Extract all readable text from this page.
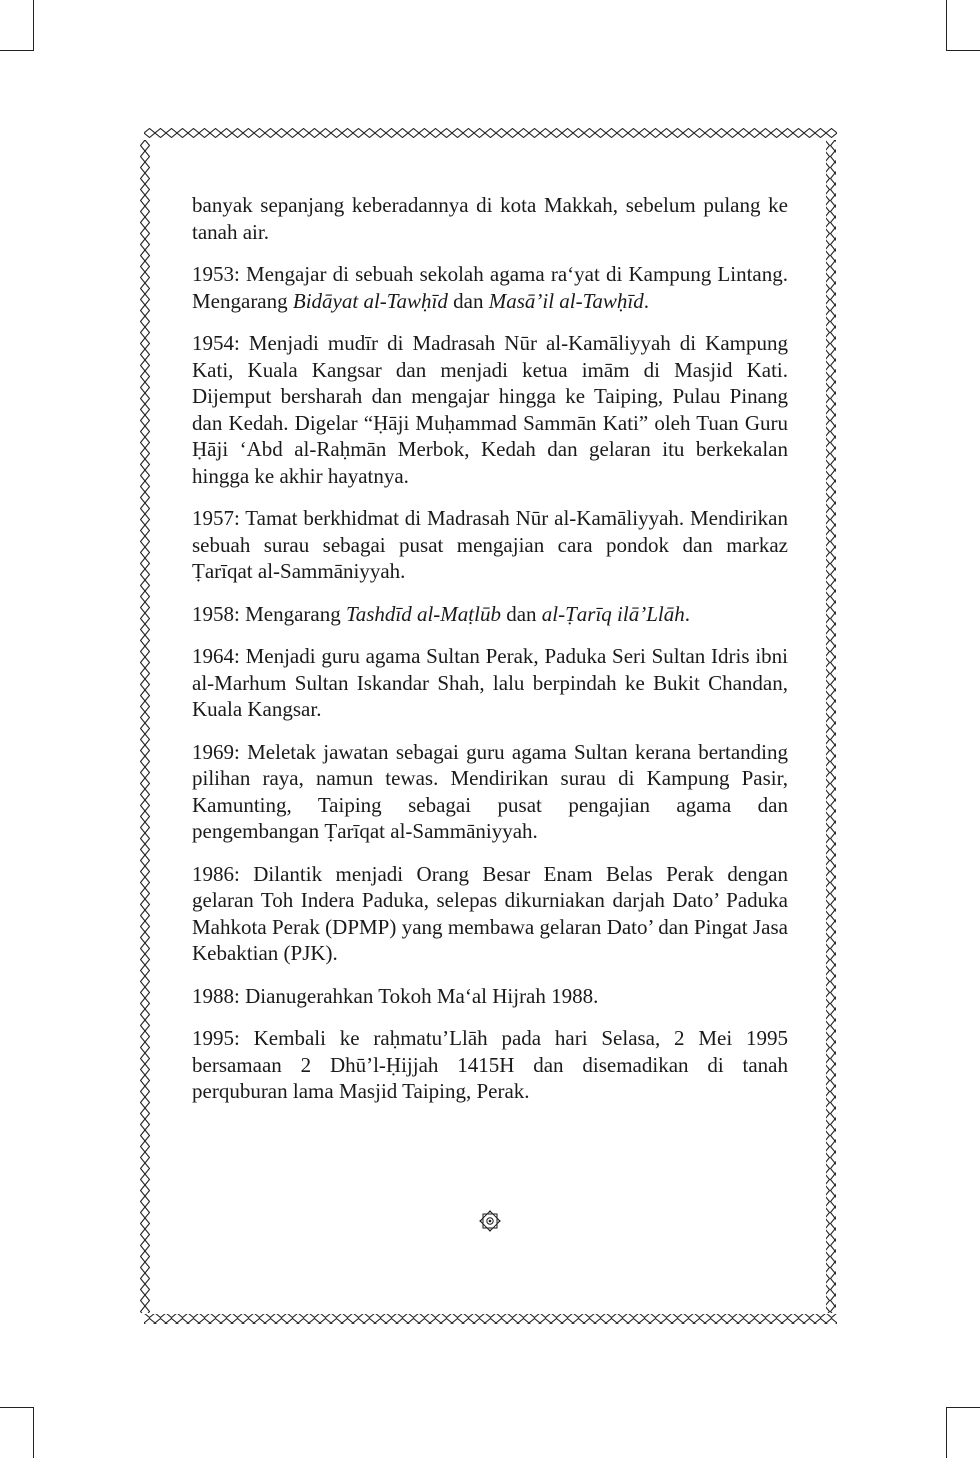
banyak sepanjang keberadannya di kota Makkah, sebelum pulang ke tanah air.

1953: Mengajar di sebuah sekolah agama ra‘yat di Kampung Lintang. Mengarang Bidāyat al-Tawḥīd dan Masā’il al-Tawḥīd.

1954: Menjadi mudīr di Madrasah Nūr al-Kamāliyyah di Kampung Kati, Kuala Kangsar dan menjadi ketua imām di Masjid Kati. Dijemput bersharah dan mengajar hingga ke Taiping, Pulau Pinang dan Kedah. Digelar “Ḥāji Muḥammad Sammān Kati” oleh Tuan Guru Ḥāji ‘Abd al-Raḥmān Merbok, Kedah dan gelaran itu berkekalan hingga ke akhir hayatnya.

1957: Tamat berkhidmat di Madrasah Nūr al-Kamāliyyah. Mendirikan sebuah surau sebagai pusat mengajian cara pondok dan markaz Ṭarīqat al-Sammāniyyah.

1958: Mengarang Tashdīd al-Maṭlūb dan al-Ṭarīq ilā’Llāh.

1964: Menjadi guru agama Sultan Perak, Paduka Seri Sultan Idris ibni al-Marhum Sultan Iskandar Shah, lalu berpindah ke Bukit Chandan, Kuala Kangsar.

1969: Meletak jawatan sebagai guru agama Sultan kerana bertanding pilihan raya, namun tewas. Mendirikan surau di Kampung Pasir, Kamunting, Taiping sebagai pusat pengajian agama dan pengembangan Ṭarīqat al-Sammāniyyah.

1986: Dilantik menjadi Orang Besar Enam Belas Perak dengan gelaran Toh Indera Paduka, selepas dikurniakan darjah Dato’ Paduka Mahkota Perak (DPMP) yang membawa gelaran Dato’ dan Pingat Jasa Kebaktian (PJK).

1988: Dianugerahkan Tokoh Ma‘al Hijrah 1988.

1995: Kembali ke raḥmatu’Llāh pada hari Selasa, 2 Mei 1995 bersamaan 2 Dhū’l-Ḥijjah 1415H dan disemadikan di tanah perquburan lama Masjid Taiping, Perak.
